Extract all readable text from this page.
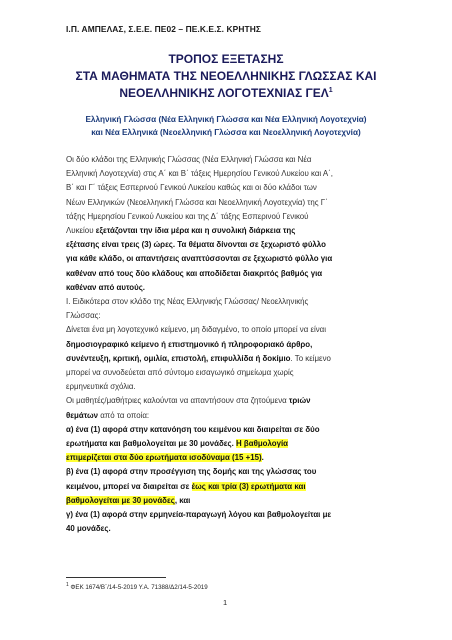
Ι.Π. ΑΜΠΕΛΑΣ, Σ.Ε.Ε. ΠΕ02 – ΠΕ.Κ.Ε.Σ. ΚΡΗΤΗΣ
ΤΡΟΠΟΣ ΕΞΕΤΑΣΗΣ
ΣΤΑ ΜΑΘΗΜΑΤΑ ΤΗΣ ΝΕΟΕΛΛΗΝΙΚΗΣ ΓΛΩΣΣΑΣ ΚΑΙ
ΝΕΟΕΛΛΗΝΙΚΗΣ ΛΟΓΟΤΕΧΝΙΑΣ ΓΕΛ$^1$
Ελληνική Γλώσσα (Νέα Ελληνική Γλώσσα και Νέα Ελληνική Λογοτεχνία)
και Νέα Ελληνικά (Νεοελληνική Γλώσσα και Νεοελληνική Λογοτεχνία)
Οι δύο κλάδοι της Ελληνικής Γλώσσας (Νέα Ελληνική Γλώσσα και Νέα
Ελληνική Λογοτεχνία) στις Α΄ και Β΄ τάξεις Ημερησίου Γενικού Λυκείου και Α΄,
Β΄ και Γ΄ τάξεις Εσπερινού Γενικού Λυκείου καθώς και οι δύο κλάδοι των
Νέων Ελληνικών (Νεοελληνική Γλώσσα και Νεοελληνική Λογοτεχνία) της Γ΄
τάξης Ημερησίου Γενικού Λυκείου και της Δ΄ τάξης Εσπερινού Γενικού
Λυκείου εξετάζονται την ίδια μέρα και η συνολική διάρκεια της
εξέτασης είναι τρεις (3) ώρες. Τα θέματα δίνονται σε ξεχωριστό φύλλο
για κάθε κλάδο, οι απαντήσεις αναπτύσσονται σε ξεχωριστό φύλλο για
καθέναν από τους δύο κλάδους και αποδίδεται διακριτός βαθμός για
καθέναν από αυτούς.
Ι. Ειδικότερα στον κλάδο της Νέας Ελληνικής Γλώσσας/ Νεοελληνικής
Γλώσσας:
Δίνεται ένα μη λογοτεχνικό κείμενο, μη διδαγμένο, το οποίο μπορεί να είναι
δημοσιογραφικό κείμενο ή επιστημονικό ή πληροφοριακό άρθρο,
συνέντευξη, κριτική, ομιλία, επιστολή, επιφυλλίδα ή δοκίμιο. Το κείμενο
μπορεί να συνοδεύεται από σύντομο εισαγωγικό σημείωμα χωρίς
ερμηνευτικά σχόλια.
Οι μαθητές/μαθήτριες καλούνται να απαντήσουν στα ζητούμενα τριών
θεμάτων από τα οποία:
α) ένα (1) αφορά στην κατανόηση του κειμένου και διαιρείται σε δύο
ερωτήματα και βαθμολογείται με 30 μονάδες. Η βαθμολογία
επιμερίζεται στα δύο ερωτήματα ισοδύναμα (15 +15).
β) ένα (1) αφορά στην προσέγγιση της δομής και της γλώσσας του
κειμένου, μπορεί να διαιρείται σε έως και τρία (3) ερωτήματα και
βαθμολογείται με 30 μονάδες, και
γ) ένα (1) αφορά στην ερμηνεία-παραγωγή λόγου και βαθμολογείται με
40 μονάδες.
$^1$ ΦΕΚ 1674/Β΄/14-5-2019 Υ.Α. 71388/Δ2/14-5-2019
1
